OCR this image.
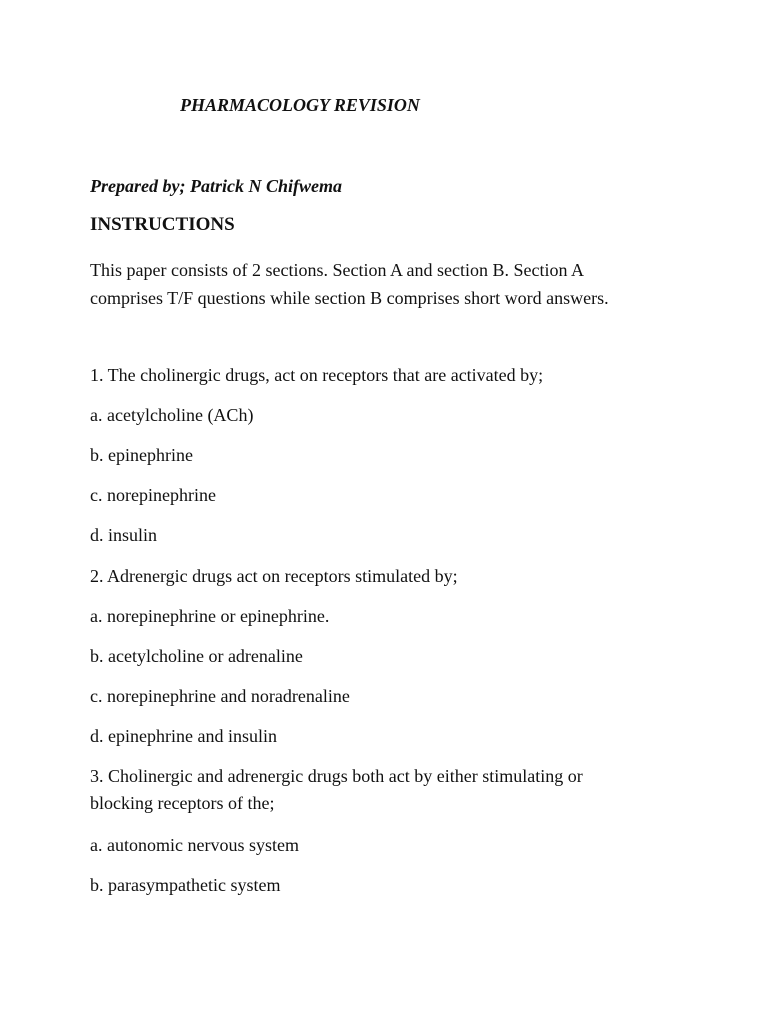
PHARMACOLOGY REVISION

Prepared by; Patrick N Chifwema

INSTRUCTIONS

This paper consists of 2 sections. Section A and section B. Section A
comprises T/F questions while section B comprises short word answers.

1. The cholinergic drugs, act on receptors that are activated by;

a. acetylcholine (ACh)

b. epinephrine

c. norepinephrine

d. insulin

2. Adrenergic drugs act on receptors stimulated by;

a. norepinephrine or epinephrine.

b. acetylcholine or adrenaline

c. norepinephrine and noradrenaline

d. epinephrine and insulin

3. Cholinergic and adrenergic drugs both act by either stimulating or

blocking receptors of the;

a. autonomic nervous system

b. parasympathetic system
